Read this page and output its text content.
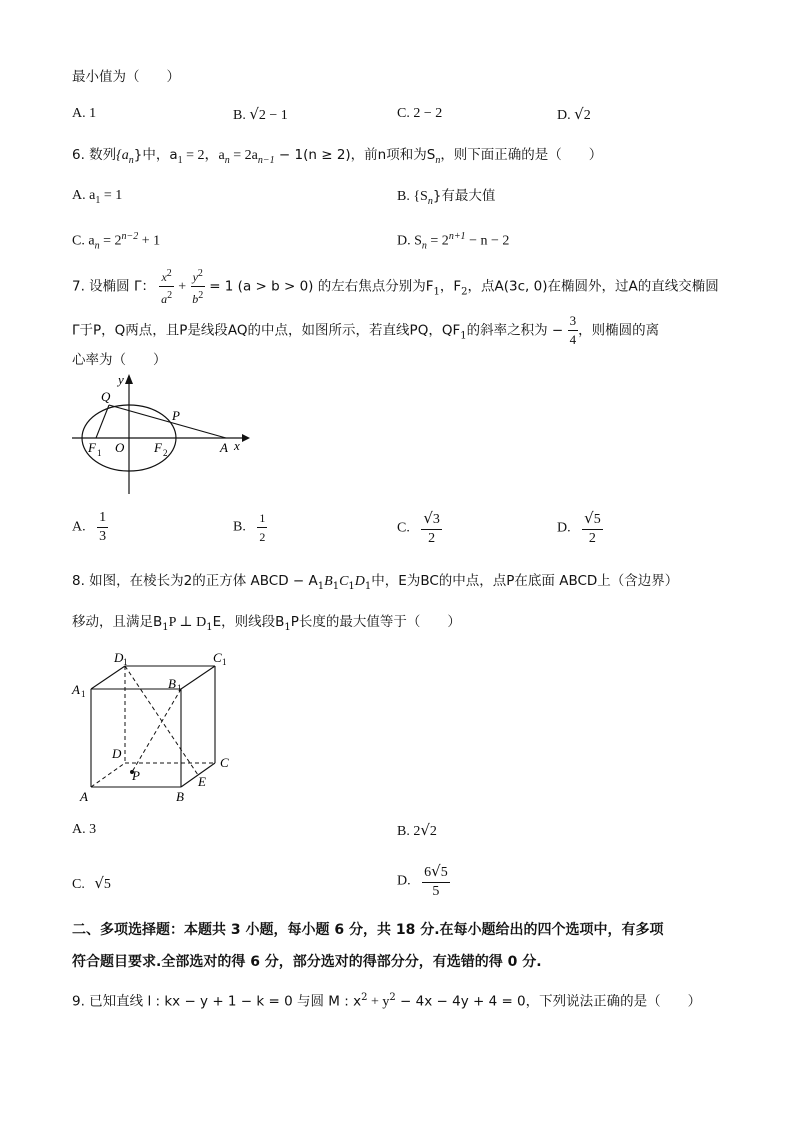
最小值为（　　）
A. 1	B. √2 − 1	C. 2 − 2	D. √2
6. 数列$\{a_n\}$中，$a_1 = 2$，$a_n = 2a_{n-1} - 1(n \ge 2)$，前n项和为$S_n$，则下面正确的是（　　）
A. $a_1 = 1$	B. $\{S_n\}$有最大值
C. $a_n = 2^{n-2} + 1$	D. $S_n = 2^{n+1} - n - 2$
7. 设椭圆 Γ： $\frac{x^2}{a^2} + \frac{y^2}{b^2} = 1$ (a > b > 0) 的左右焦点分别为$F_1$，$F_2$，点A(3c, 0)在椭圆外，过A的直线交椭圆
Γ于P，Q两点，且P是线段AQ的中点，如图所示，若直线PQ，$QF_1$的斜率之积为 − $\frac{3}{4}$ ，则椭圆的离
心率为（　　）
y
x
Q
P
F 1 O F 2	A
A. $\frac{1}{3}$	B. $\frac{1}{2}$	C. $\frac{√3}{2}$	D. $\frac{√5}{2}$
8. 如图，在棱长为2的正方体 ABCD − $A_1B_1C_1D_1$中，E为BC的中点，点P在底面 ABCD上（含边界）
移动，且满足$B_1P$ ⊥ $D_1E$，则线段$B_1P$长度的最大值等于（　　）
D 1	C 1
A 1
B 1
D
C
P
A	B
E
A. 3	B. 2√2
C. √5	D. $\frac{6√5}{5}$
二、多项选择题：本题共 3 小题，每小题 6 分，共 18 分.在每小题给出的四个选项中，有多项
符合题目要求.全部选对的得 6 分，部分选对的得部分分，有选错的得 0 分.
9. 已知直线 l : kx − y + 1 − k = 0 与圆 M : $x^2 + y^2 - 4x - 4y + 4 = 0$，下列说法正确的是（　　）
